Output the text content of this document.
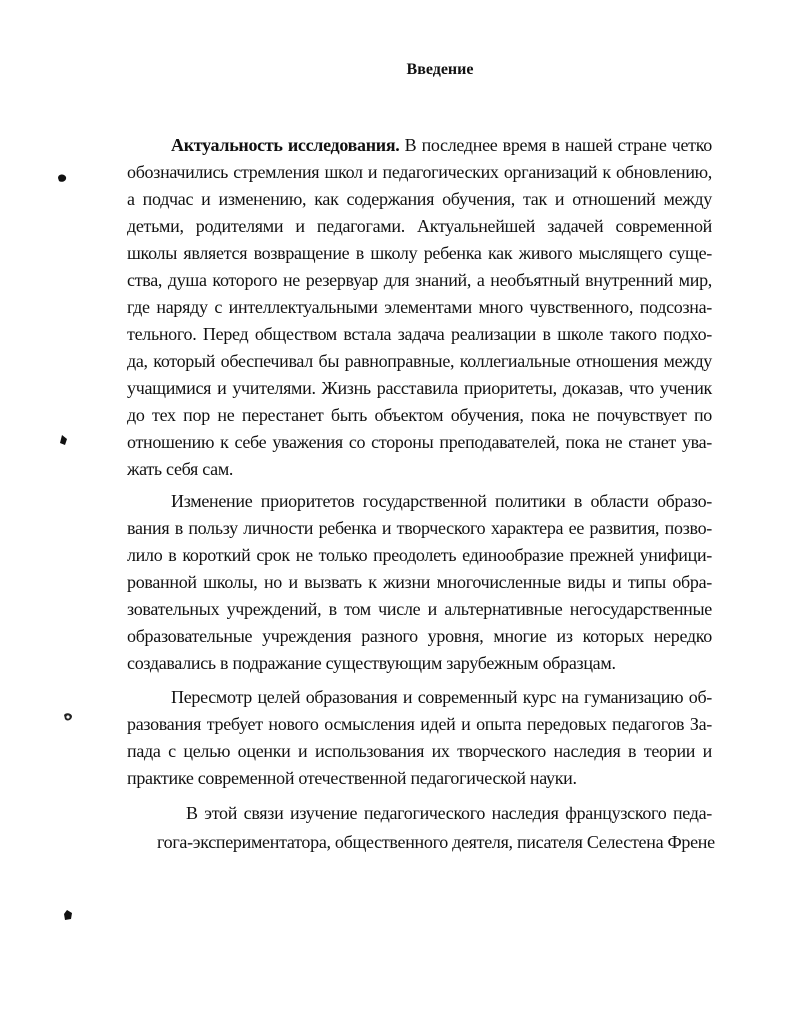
Введение
Актуальность исследования. В последнее время в нашей стране четко
обозначились стремления школ и педагогических организаций к обновлению,
а подчас и изменению, как содержания обучения, так и отношений между
детьми, родителями и педагогами. Актуальнейшей задачей современной
школы является возвращение в школу ребенка как живого мыслящего суще-
ства, душа которого не резервуар для знаний, а необъятный внутренний мир,
где наряду с интеллектуальными элементами много чувственного, подсозна-
тельного. Перед обществом встала задача реализации в школе такого подхо-
да, который обеспечивал бы равноправные, коллегиальные отношения между
учащимися и учителями. Жизнь расставила приоритеты, доказав, что ученик
до тех пор не перестанет быть объектом обучения, пока не почувствует по
отношению к себе уважения со стороны преподавателей, пока не станет ува-
жать себя сам.
Изменение приоритетов государственной политики в области образо-
вания в пользу личности ребенка и творческого характера ее развития, позво-
лило в короткий срок не только преодолеть единообразие прежней унифици-
рованной школы, но и вызвать к жизни многочисленные виды и типы обра-
зовательных учреждений, в том числе и альтернативные негосударственные
образовательные учреждения разного уровня, многие из которых нередко
создавались в подражание существующим зарубежным образцам.
Пересмотр целей образования и современный курс на гуманизацию об-
разования требует нового осмысления идей и опыта передовых педагогов За-
пада с целью оценки и использования их творческого наследия в теории и
практике современной отечественной педагогической науки.
В этой связи изучение педагогического наследия французского педа-
гога-экспериментатора, общественного деятеля, писателя Селестена Френе
